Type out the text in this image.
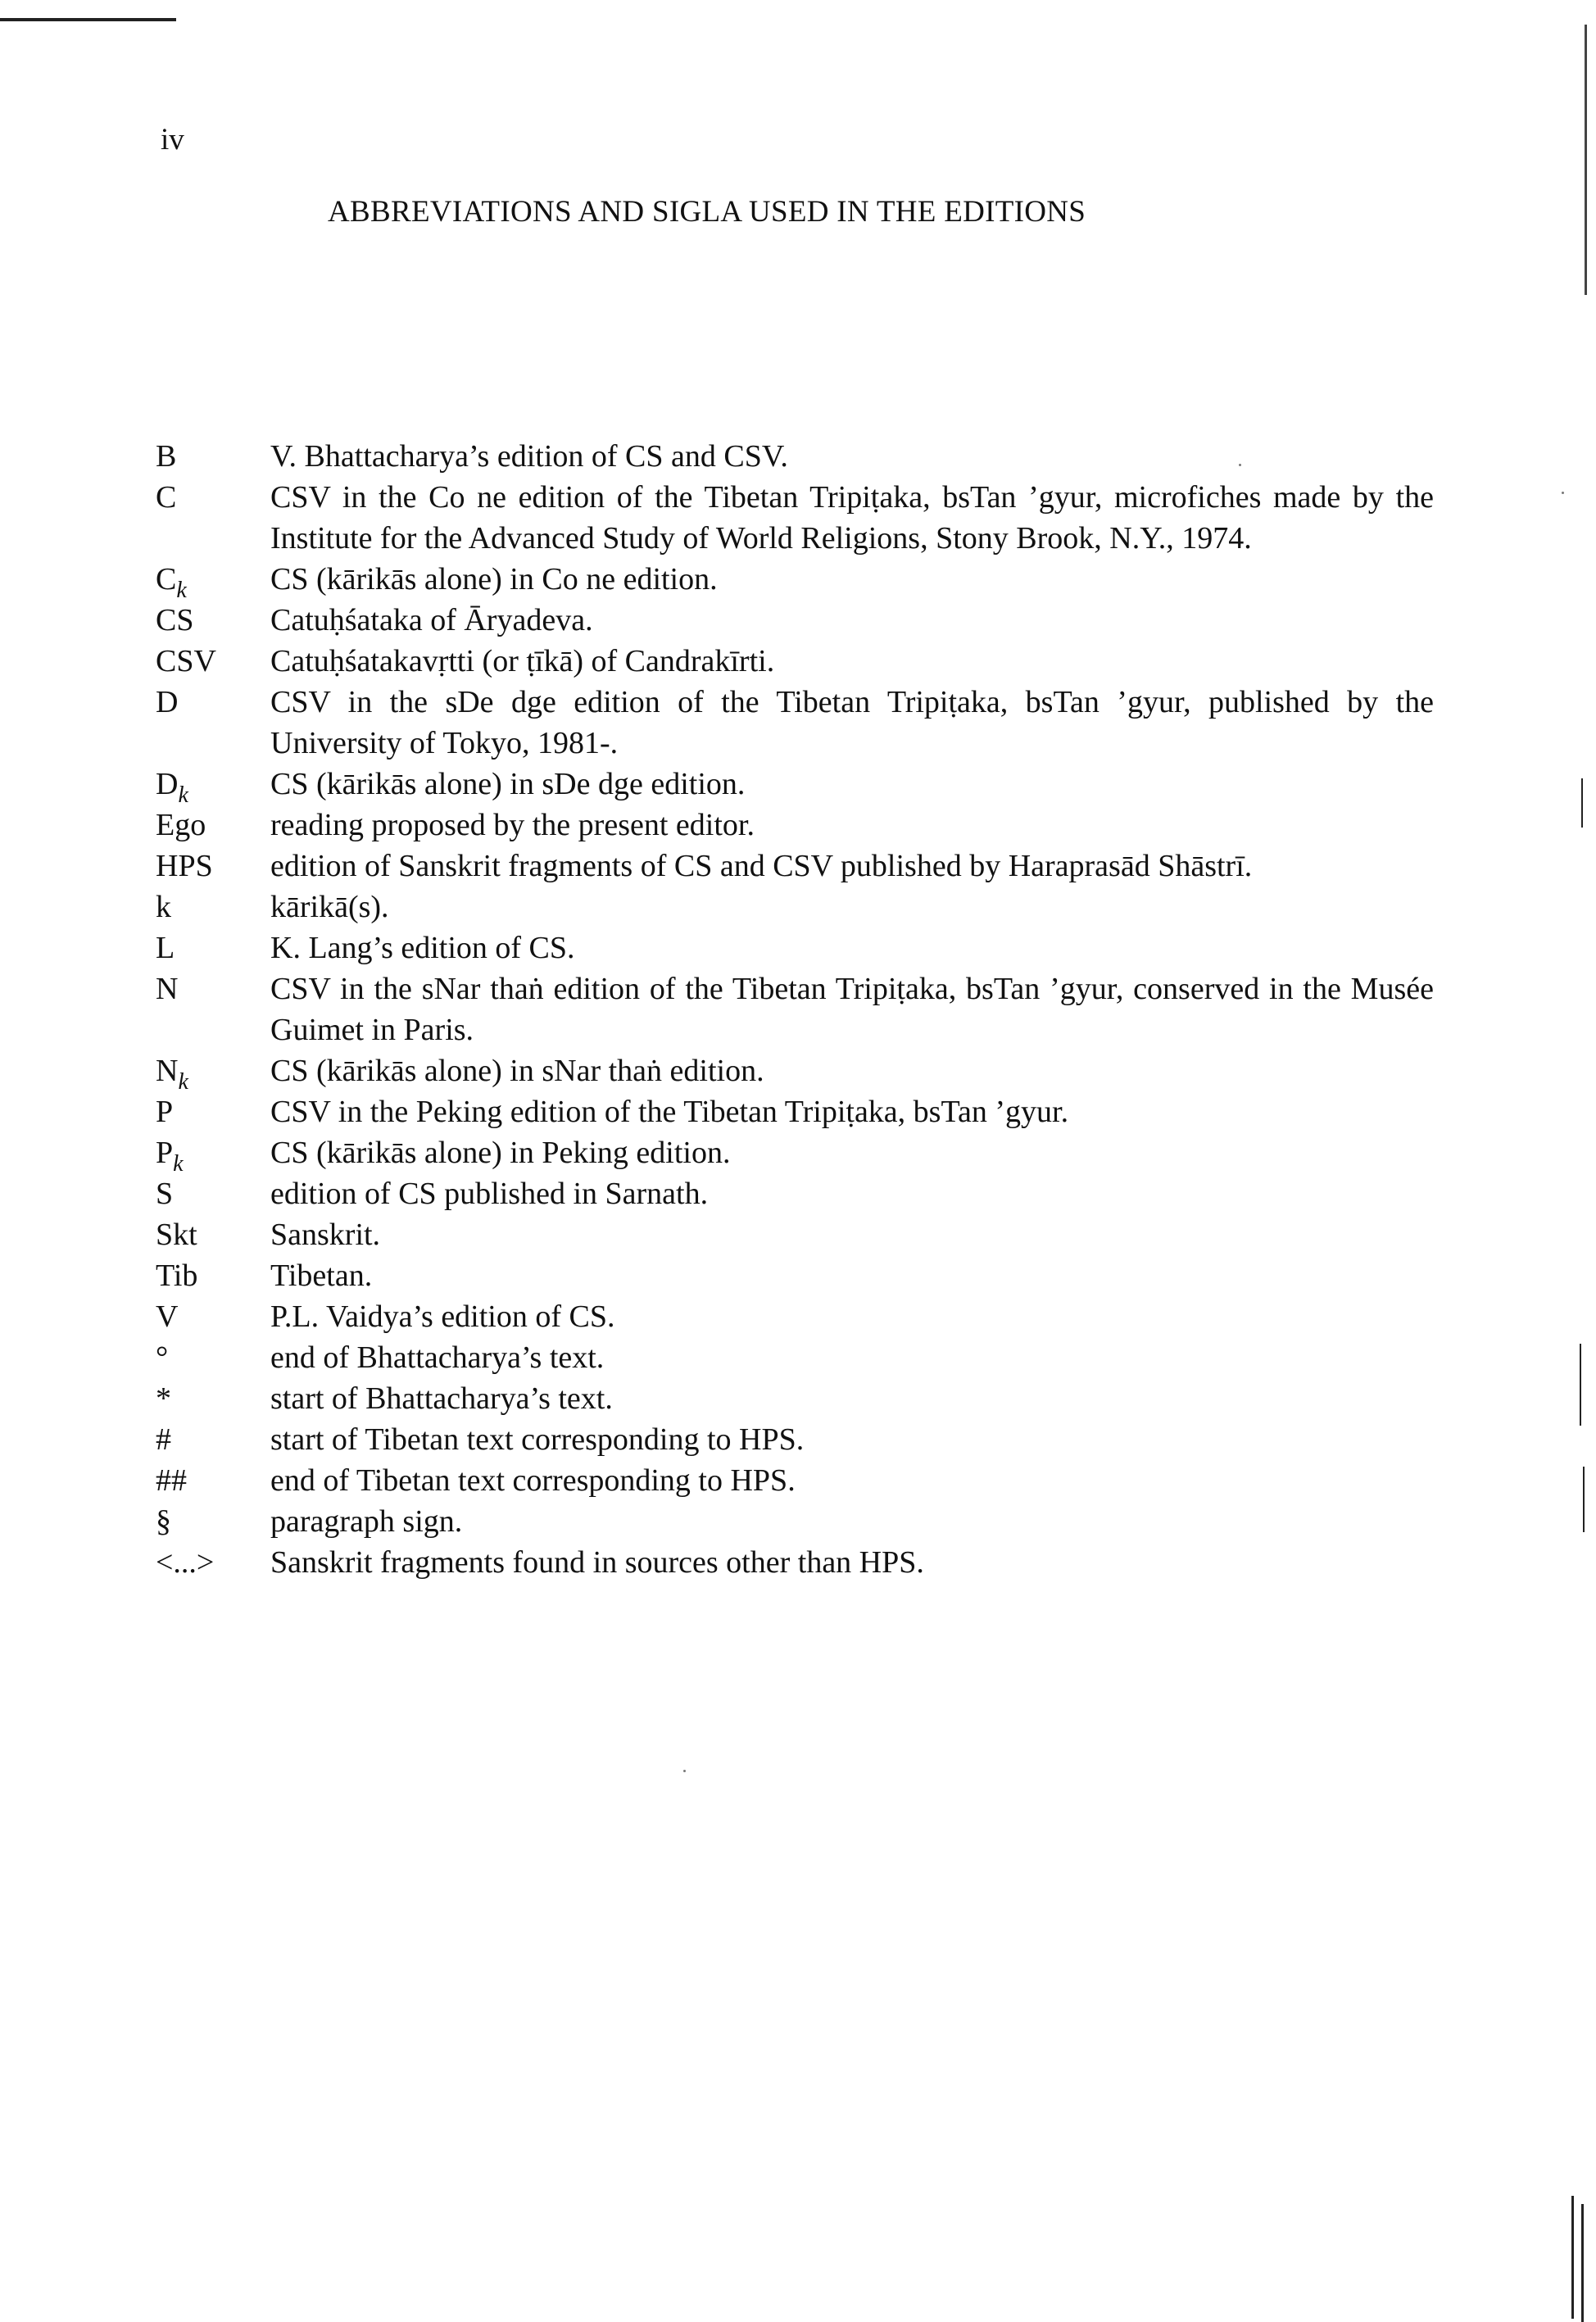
iv
ABBREVIATIONS AND SIGLA USED IN THE EDITIONS
B	V. Bhattacharya’s edition of CS and CSV.
C	CSV in the Co ne edition of the Tibetan Tripiṭaka, bsTan ’gyur, microfiches made by the Institute for the Advanced Study of World Religions, Stony Brook, N.Y., 1974.
$C_k$	CS (kārikās alone) in Co ne edition.
CS	Catuḥśataka of Āryadeva.
CSV	Catuḥśatakavṛtti (or ṭīkā) of Candrakīrti.
D	CSV in the sDe dge edition of the Tibetan Tripiṭaka, bsTan ’gyur, published by the University of Tokyo, 1981-.
$D_k$	CS (kārikās alone) in sDe dge edition.
Ego	reading proposed by the present editor.
HPS	edition of Sanskrit fragments of CS and CSV published by Haraprasād Shāstrī.
k	kārikā(s).
L	K. Lang’s edition of CS.
N	CSV in the sNar thaṅ edition of the Tibetan Tripiṭaka, bsTan ’gyur, conserved in the Musée Guimet in Paris.
$N_k$	CS (kārikās alone) in sNar thaṅ edition.
P	CSV in the Peking edition of the Tibetan Tripiṭaka, bsTan ’gyur.
$P_k$	CS (kārikās alone) in Peking edition.
S	edition of CS published in Sarnath.
Skt	Sanskrit.
Tib	Tibetan.
V	P.L. Vaidya’s edition of CS.
°	end of Bhattacharya’s text.
*	start of Bhattacharya’s text.
#	start of Tibetan text corresponding to HPS.
##	end of Tibetan text corresponding to HPS.
§	paragraph sign.
<...>	Sanskrit fragments found in sources other than HPS.
